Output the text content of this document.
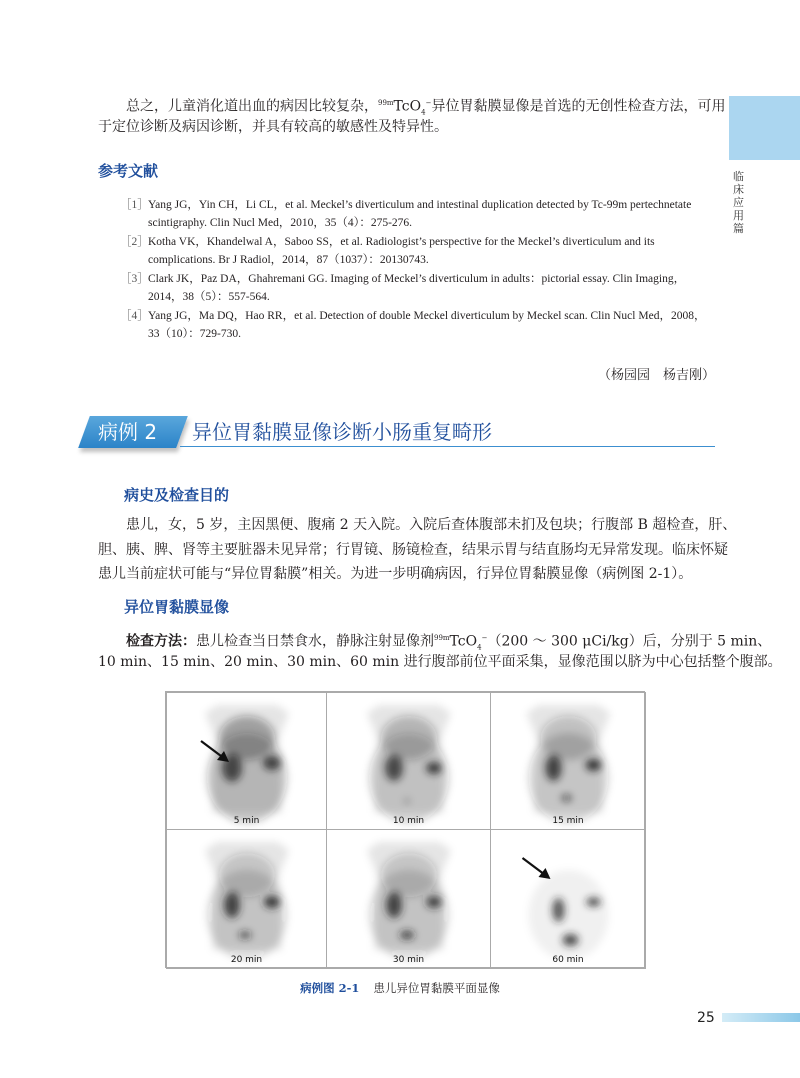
临床应用篇
总之，儿童消化道出血的病因比较复杂，$^{99m}$TcO$_4$−异位胃黏膜显像是首选的无创性检查方法，可用
于定位诊断及病因诊断，并具有较高的敏感性及特异性。
参考文献
［1］ Yang JG，Yin CH，Li CL，et al. Meckel’s diverticulum and intestinal duplication detected by Tc-99m pertechnetate
scintigraphy. Clin Nucl Med，2010，35（4）：275-276.
［2］ Kotha VK，Khandelwal A，Saboo SS，et al. Radiologist’s perspective for the Meckel’s diverticulum and its
complications. Br J Radiol，2014，87（1037）：20130743.
［3］ Clark JK，Paz DA，Ghahremani GG. Imaging of Meckel’s diverticulum in adults：pictorial essay. Clin Imaging，
2014，38（5）：557-564.
［4］ Yang JG，Ma DQ，Hao RR，et al. Detection of double Meckel diverticulum by Meckel scan. Clin Nucl Med，2008，
33（10）：729-730.
（杨园园　杨吉刚）
病例 2 异位胃黏膜显像诊断小肠重复畸形
病史及检查目的
患儿，女，5 岁，主因黑便、腹痛 2 天入院。入院后查体腹部未扪及包块；行腹部 B 超检查，肝、
胆、胰、脾、肾等主要脏器未见异常；行胃镜、肠镜检查，结果示胃与结直肠均无异常发现。临床怀疑
患儿当前症状可能与“异位胃黏膜”相关。为进一步明确病因，行异位胃黏膜显像（病例图 2-1）。
异位胃黏膜显像
检查方法：患儿检查当日禁食水，静脉注射显像剂$^{99m}$TcO$_4$−（200 ～ 300 μCi/kg）后，分别于 5 min、
10 min、15 min、20 min、30 min、60 min 进行腹部前位平面采集，显像范围以脐为中心包括整个腹部。
5 min	10 min	15 min
20 min	30 min	60 min
病例图 2-1 患儿异位胃黏膜平面显像
25
